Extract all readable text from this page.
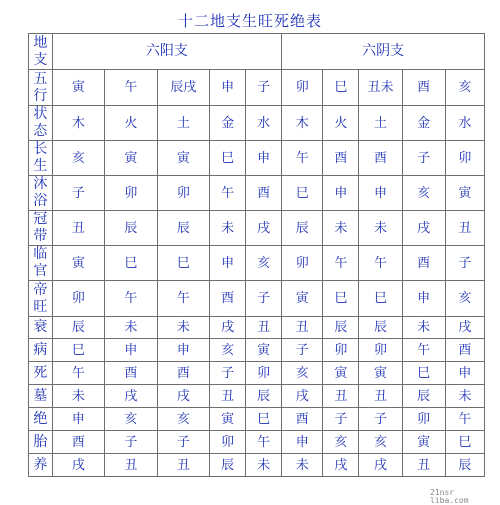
十二地支生旺死绝表
地支	六阳支					六阴支				
五行	寅	午	辰戌	申	子	卯	巳	丑未	酉	亥
状态	木	火	土	金	水	木	火	土	金	水
长生	亥	寅	寅	巳	申	午	酉	酉	子	卯
沐浴	子	卯	卯	午	酉	巳	申	申	亥	寅
冠带	丑	辰	辰	未	戌	辰	未	未	戌	丑
临官	寅	巳	巳	申	亥	卯	午	午	酉	子
帝旺	卯	午	午	酉	子	寅	巳	巳	申	亥
衰	辰	未	未	戌	丑	丑	辰	辰	未	戌
病	巳	申	申	亥	寅	子	卯	卯	午	酉
死	午	酉	酉	子	卯	亥	寅	寅	巳	申
墓	未	戌	戌	丑	辰	戌	丑	丑	辰	未
绝	申	亥	亥	寅	巳	酉	子	子	卯	午
胎	酉	子	子	卯	午	申	亥	亥	寅	巳
养	戌	丑	丑	辰	未	未	戌	戌	丑	辰
21nsr
liba.com
